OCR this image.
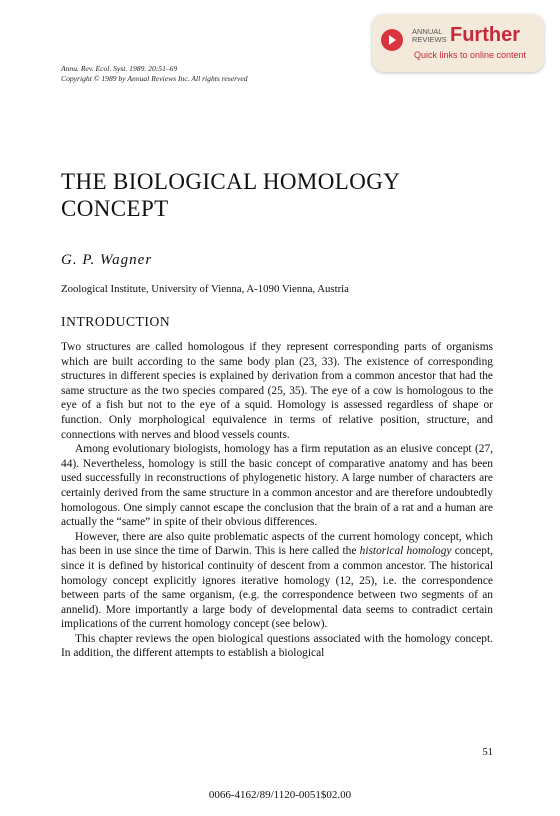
ANNUAL
REVIEWS Further
Quick links to online content
Annu. Rev. Ecol. Syst. 1989. 20:51–69
Copyright © 1989 by Annual Reviews Inc. All rights reserved
THE BIOLOGICAL HOMOLOGY
CONCEPT
G. P. Wagner
Zoological Institute, University of Vienna, A-1090 Vienna, Austria
INTRODUCTION

Two structures are called homologous if they represent corresponding parts of organisms which are built according to the same body plan (23, 33). The existence of corresponding structures in different species is explained by derivation from a common ancestor that had the same structure as the two species compared (25, 35). The eye of a cow is homologous to the eye of a fish but not to the eye of a squid. Homology is assessed regardless of shape or function. Only morphological equivalence in terms of relative position, structure, and connections with nerves and blood vessels counts.

Among evolutionary biologists, homology has a firm reputation as an elusive concept (27, 44). Nevertheless, homology is still the basic concept of comparative anatomy and has been used successfully in reconstructions of phylogenetic history. A large number of characters are certainly derived from the same structure in a common ancestor and are therefore undoubtedly homologous. One simply cannot escape the conclusion that the brain of a rat and a human are actually the “same” in spite of their obvious differences.

However, there are also quite problematic aspects of the current homology concept, which has been in use since the time of Darwin. This is here called the historical homology concept, since it is defined by historical continuity of descent from a common ancestor. The historical homology concept explicitly ignores iterative homology (12, 25), i.e. the correspondence between parts of the same organism, (e.g. the correspondence between two segments of an annelid). More importantly a large body of developmental data seems to contradict certain implications of the current homology concept (see below).

This chapter reviews the open biological questions associated with the homology concept. In addition, the different attempts to establish a biological

51
0066-4162/89/1120-0051$02.00
